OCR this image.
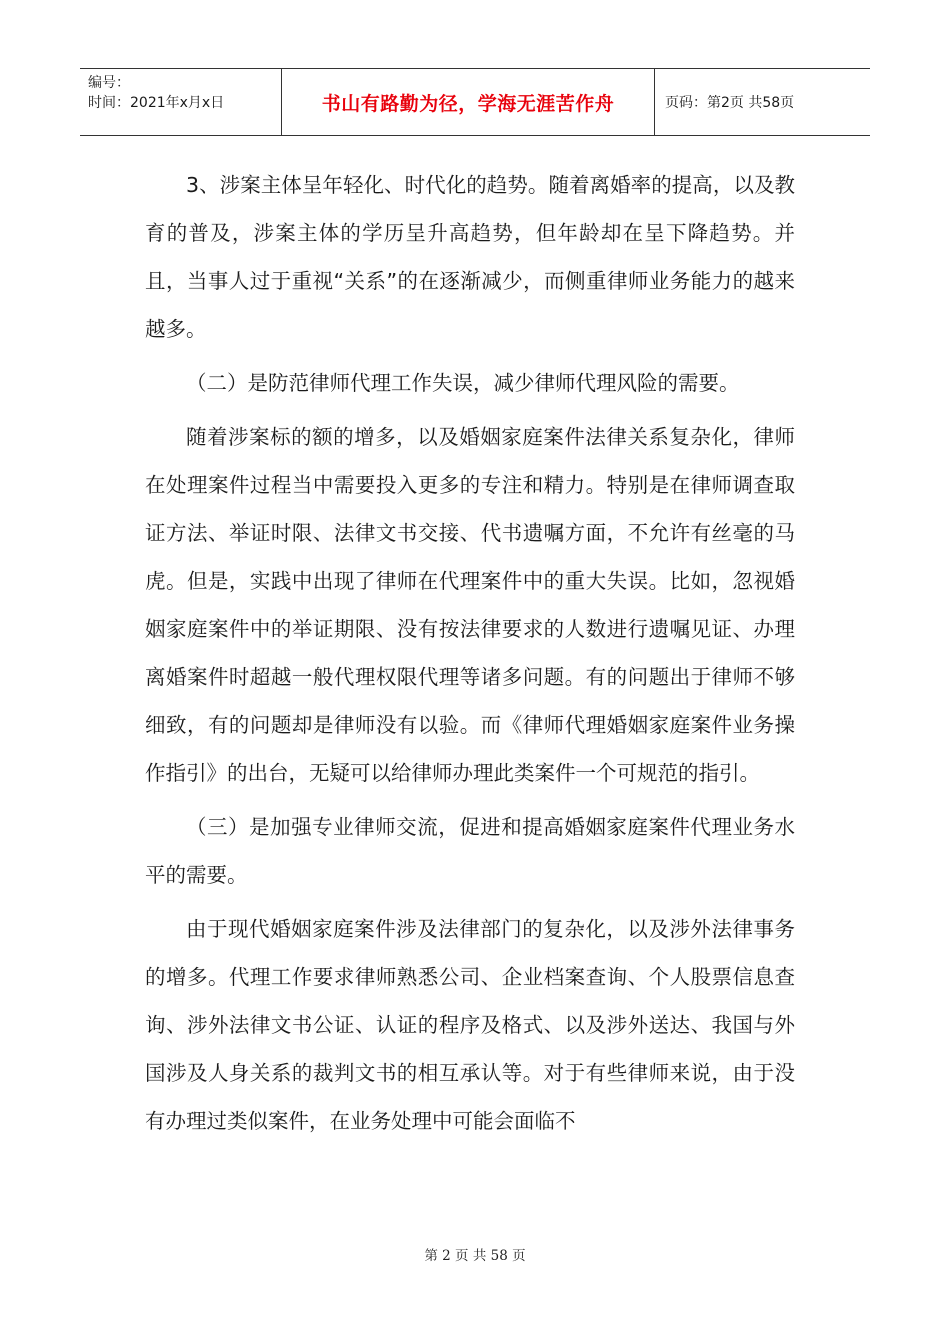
编号：
时间：2021年x月x日	书山有路勤为径，学海无涯苦作舟	页码：第2页 共58页

3、涉案主体呈年轻化、时代化的趋势。随着离婚率的提高，以及教育的普及，涉案主体的学历呈升高趋势，但年龄却在呈下降趋势。并且，当事人过于重视“关系”的在逐渐减少，而侧重律师业务能力的越来越多。

（二）是防范律师代理工作失误，减少律师代理风险的需要。

随着涉案标的额的增多，以及婚姻家庭案件法律关系复杂化，律师在处理案件过程当中需要投入更多的专注和精力。特别是在律师调查取证方法、举证时限、法律文书交接、代书遗嘱方面，不允许有丝毫的马虎。但是，实践中出现了律师在代理案件中的重大失误。比如，忽视婚姻家庭案件中的举证期限、没有按法律要求的人数进行遗嘱见证、办理离婚案件时超越一般代理权限代理等诸多问题。有的问题出于律师不够细致，有的问题却是律师没有以验。而《律师代理婚姻家庭案件业务操作指引》的出台，无疑可以给律师办理此类案件一个可规范的指引。

（三）是加强专业律师交流，促进和提高婚姻家庭案件代理业务水平的需要。

由于现代婚姻家庭案件涉及法律部门的复杂化，以及涉外法律事务的增多。代理工作要求律师熟悉公司、企业档案查询、个人股票信息查询、涉外法律文书公证、认证的程序及格式、以及涉外送达、我国与外国涉及人身关系的裁判文书的相互承认等。对于有些律师来说，由于没有办理过类似案件，在业务处理中可能会面临不

第 2 页 共 58 页
